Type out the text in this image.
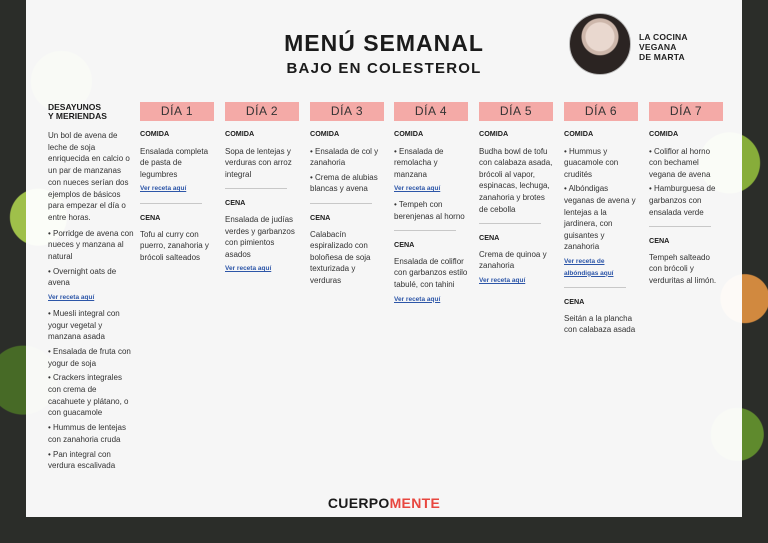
MENÚ SEMANAL
BAJO EN COLESTEROL
LA COCINA
VEGANA
DE MARTA
DESAYUNOS
Y MERIENDAS
Un bol de avena de leche de soja enriquecida en calcio o un par de manzanas con nueces serían dos ejemplos de básicos para empezar el día o entre horas.
• Porridge de avena con nueces y manzana al natural
• Overnight oats de avena
Ver receta aquí
• Muesli integral con yogur vegetal y manzana asada
• Ensalada de fruta con yogur de soja
• Crackers integrales con crema de cacahuete y plátano, o con guacamole
• Hummus de lentejas con zanahoria cruda
• Pan integral con verdura escalivada
DÍA 1
COMIDA
Ensalada completa de pasta de legumbres
Ver receta aquí
CENA
Tofu al curry con puerro, zanahoria y brócoli salteados
DÍA 2
COMIDA
Sopa de lentejas y verduras con arroz integral
CENA
Ensalada de judías verdes y garbanzos con pimientos asados
Ver receta aquí
DÍA 3
COMIDA
• Ensalada de col y zanahoria
• Crema de alubias blancas y avena
CENA
Calabacín espiralizado con boloñesa de soja texturizada y verduras
DÍA 4
COMIDA
• Ensalada de remolacha y manzana
Ver receta aquí
• Tempeh con berenjenas al horno
CENA
Ensalada de coliflor con garbanzos estilo tabulé, con tahini
Ver receta aquí
DÍA 5
COMIDA
Budha bowl de tofu con calabaza asada, brócoli al vapor, espinacas, lechuga, zanahoria y brotes de cebolla
CENA
Crema de quinoa y zanahoria
Ver receta aquí
DÍA 6
COMIDA
• Hummus y guacamole con crudités
• Albóndigas veganas de avena y lentejas a la jardinera, con guisantes y zanahoria
Ver receta de albóndigas aquí
CENA
Seitán a la plancha con calabaza asada
DÍA 7
COMIDA
• Coliflor al horno con bechamel vegana de avena
• Hamburguesa de garbanzos con ensalada verde
CENA
Tempeh salteado con brócoli y verduritas al limón.
CUERPOMENTE
